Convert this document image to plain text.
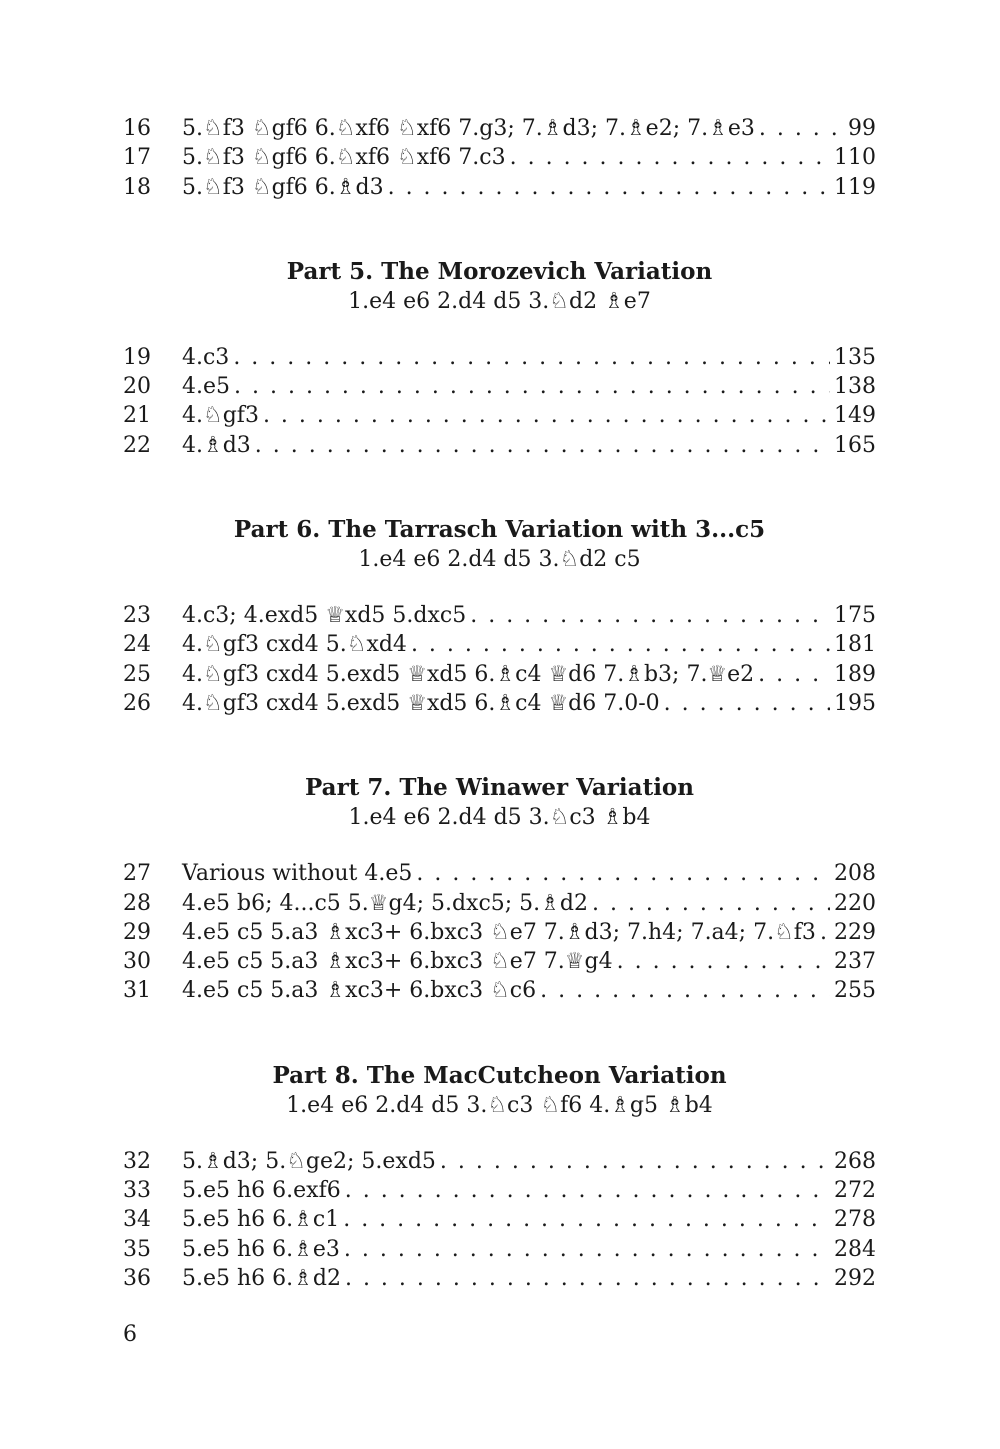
16	5.♘f3 ♘gf6 6.♘xf6 ♘xf6 7.g3; 7.♗d3; 7.♗e2; 7.♗e3 . . .	99
17	5.♘f3 ♘gf6 6.♘xf6 ♘xf6 7.c3 . . .	110
18	5.♘f3 ♘gf6 6.♗d3 . . .	119
Part 5. The Morozevich Variation
1.e4 e6 2.d4 d5 3.♘d2 ♗e7
19	4.c3 . . .	135
20	4.e5 . . .	138
21	4.♘gf3 . . .	149
22	4.♗d3 . . .	165
Part 6. The Tarrasch Variation with 3...c5
1.e4 e6 2.d4 d5 3.♘d2 c5
23	4.c3; 4.exd5 ♕xd5 5.dxc5 . . .	175
24	4.♘gf3 cxd4 5.♘xd4 . . .	181
25	4.♘gf3 cxd4 5.exd5 ♕xd5 6.♗c4 ♕d6 7.♗b3; 7.♕e2 . . .	189
26	4.♘gf3 cxd4 5.exd5 ♕xd5 6.♗c4 ♕d6 7.0-0 . . .	195
Part 7. The Winawer Variation
1.e4 e6 2.d4 d5 3.♘c3 ♗b4
27	Various without 4.e5 . . .	208
28	4.e5 b6; 4...c5 5.♕g4; 5.dxc5; 5.♗d2 . . .	220
29	4.e5 c5 5.a3 ♗xc3+ 6.bxc3 ♘e7 7.♗d3; 7.h4; 7.a4; 7.♘f3 . . . 229
30	4.e5 c5 5.a3 ♗xc3+ 6.bxc3 ♘e7 7.♕g4 . . .	237
31	4.e5 c5 5.a3 ♗xc3+ 6.bxc3 ♘c6 . . .	255
Part 8. The MacCutcheon Variation
1.e4 e6 2.d4 d5 3.♘c3 ♘f6 4.♗g5 ♗b4
32	5.♗d3; 5.♘ge2; 5.exd5 . . .	268
33	5.e5 h6 6.exf6 . . .	272
34	5.e5 h6 6.♗c1 . . .	278
35	5.e5 h6 6.♗e3 . . .	284
36	5.e5 h6 6.♗d2 . . .	292
6
